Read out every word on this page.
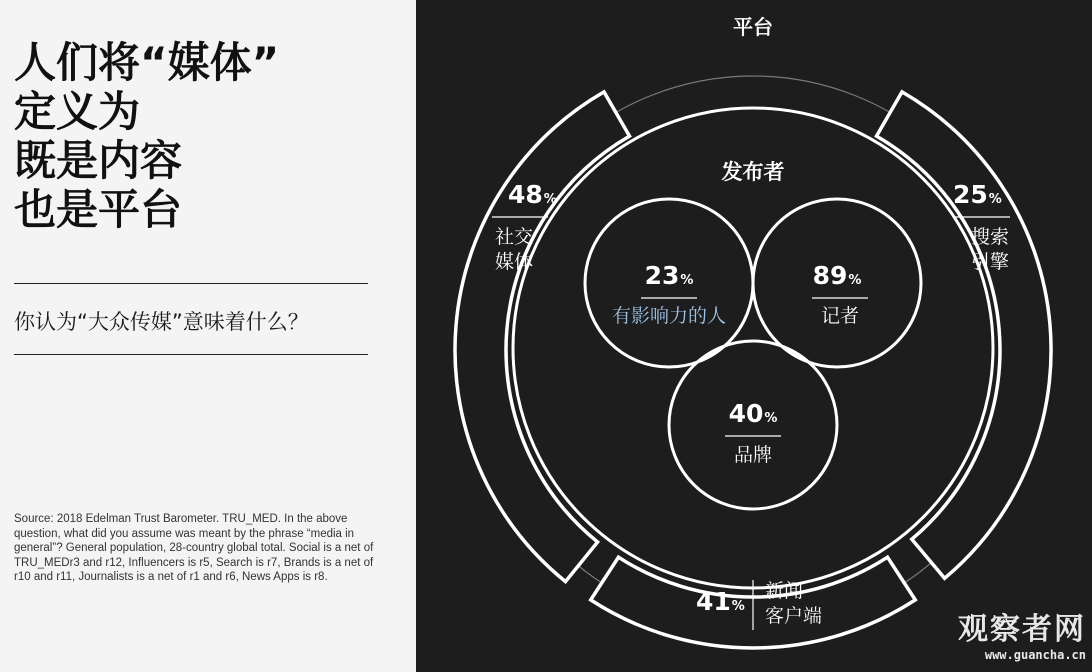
人们将“媒体”
定义为
既是内容
也是平台
你认为“大众传媒”意味着什么？
Source: 2018 Edelman Trust Barometer. TRU_MED. In the above question, what did you assume was meant by the phrase “media in general”? General population, 28-country global total. Social is a net of TRU_MEDr3 and r12, Influencers is r5, Search is r7, Brands is a net of r10 and r11, Journalists is a net of r1 and r6, News Apps is r8.
平台
发布者
48%
社交
媒体
25%
搜索
引擎
41%
新闻
客户端
23%
有影响力的人
89%
记者
40%
品牌
观察者网
www.guancha.cn
